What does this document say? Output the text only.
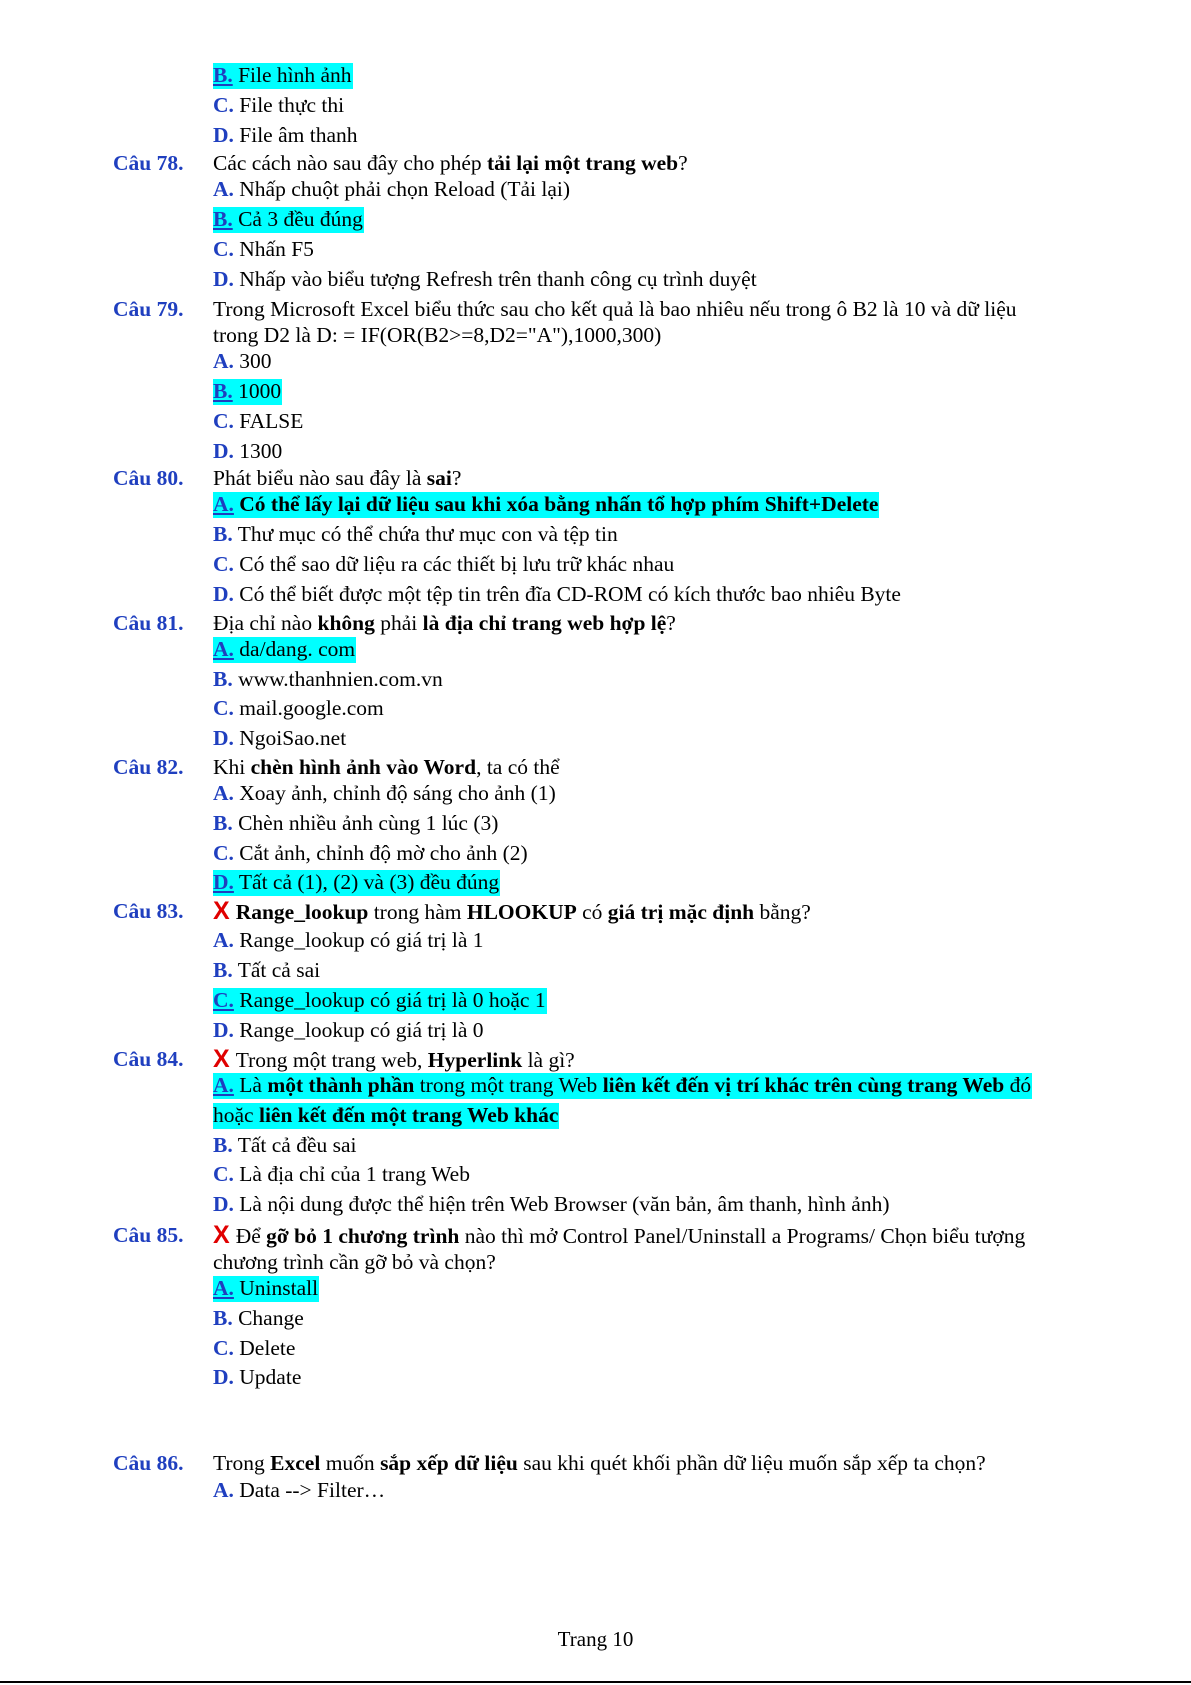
B. File hình ảnh
C. File thực thi
D. File âm thanh
Câu 78. Các cách nào sau đây cho phép tải lại một trang web?
A. Nhấp chuột phải chọn Reload (Tải lại)
B. Cả 3 đều đúng
C. Nhấn F5
D. Nhấp vào biểu tượng Refresh trên thanh công cụ trình duyệt
Câu 79. Trong Microsoft Excel biểu thức sau cho kết quả là bao nhiêu nếu trong ô B2 là 10 và dữ liệu
trong D2 là D: = IF(OR(B2>=8,D2="A"),1000,300)
A. 300
B. 1000
C. FALSE
D. 1300
Câu 80. Phát biểu nào sau đây là sai?
A. Có thể lấy lại dữ liệu sau khi xóa bằng nhấn tổ hợp phím Shift+Delete
B. Thư mục có thể chứa thư mục con và tệp tin
C. Có thể sao dữ liệu ra các thiết bị lưu trữ khác nhau
D. Có thể biết được một tệp tin trên đĩa CD-ROM có kích thước bao nhiêu Byte
Câu 81. Địa chỉ nào không phải là địa chỉ trang web hợp lệ?
A. da/dang. com
B. www.thanhnien.com.vn
C. mail.google.com
D. NgoiSao.net
Câu 82. Khi chèn hình ảnh vào Word, ta có thể
A. Xoay ảnh, chỉnh độ sáng cho ảnh (1)
B. Chèn nhiều ảnh cùng 1 lúc (3)
C. Cắt ảnh, chỉnh độ mờ cho ảnh (2)
D. Tất cả (1), (2) và (3) đều đúng
Câu 83. X Range_lookup trong hàm HLOOKUP có giá trị mặc định bằng?
A. Range_lookup có giá trị là 1
B. Tất cả sai
C. Range_lookup có giá trị là 0 hoặc 1
D. Range_lookup có giá trị là 0
Câu 84. X Trong một trang web, Hyperlink là gì?
A. Là một thành phần trong một trang Web liên kết đến vị trí khác trên cùng trang Web đó
hoặc liên kết đến một trang Web khác
B. Tất cả đều sai
C. Là địa chỉ của 1 trang Web
D. Là nội dung được thể hiện trên Web Browser (văn bản, âm thanh, hình ảnh)
Câu 85. X Để gỡ bỏ 1 chương trình nào thì mở Control Panel/Uninstall a Programs/ Chọn biểu tượng
chương trình cần gỡ bỏ và chọn?
A. Uninstall
B. Change
C. Delete
D. Update
Câu 86. Trong Excel muốn sắp xếp dữ liệu sau khi quét khối phần dữ liệu muốn sắp xếp ta chọn?
A. Data --> Filter…
Trang 10
